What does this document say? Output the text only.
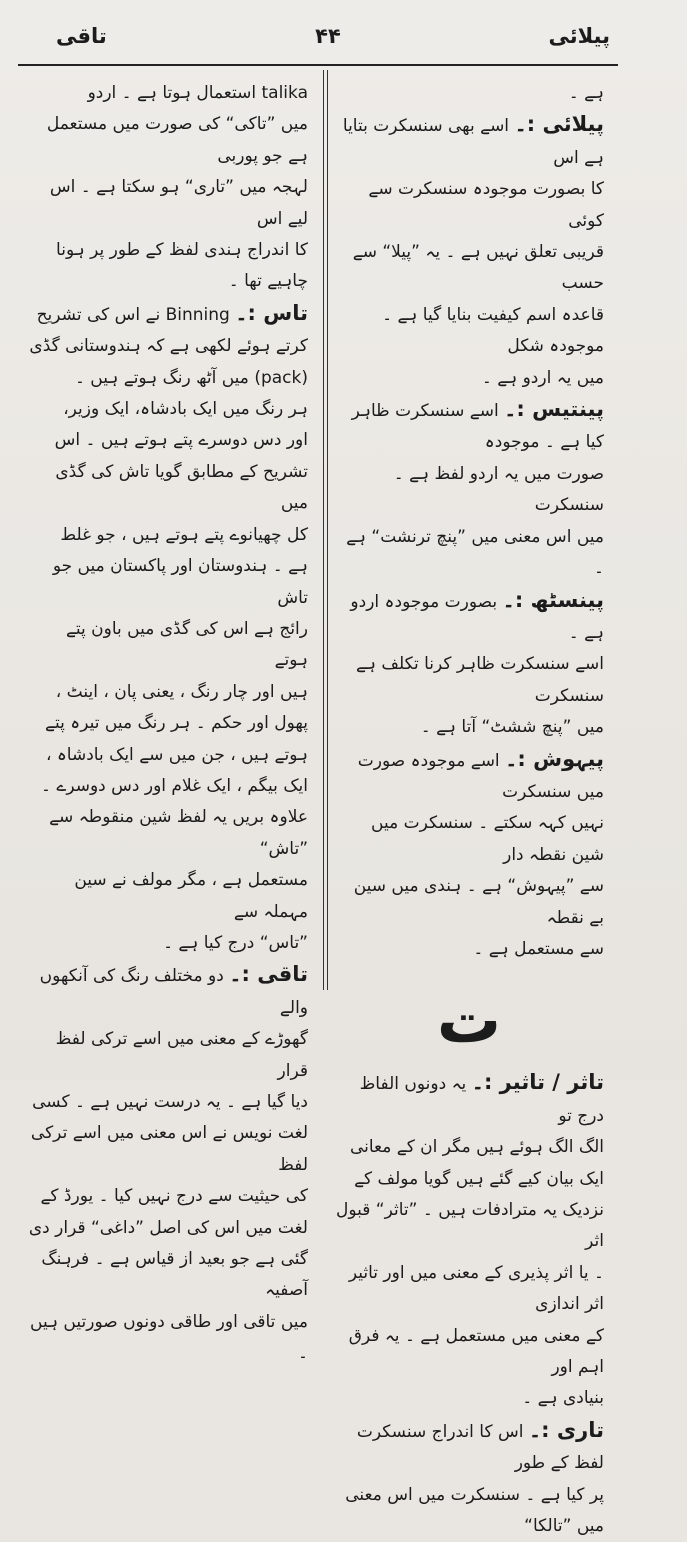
تاقی	۴۴	پیلائی

talika استعمال ہوتا ہے ۔ اردو

میں ”تاکی“ کی صورت میں مستعمل ہے جو پوربی

لہجہ میں ”تاری“ ہو سکتا ہے ۔ اس لیے اس

کا اندراج ہندی لفظ کے طور پر ہونا

چاہیے تھا ۔

تاس :۔ Binning نے اس کی تشریح

کرتے ہوئے لکھی ہے کہ ہندوستانی گڈی

(pack) میں آٹھ رنگ ہوتے ہیں ۔

ہر رنگ میں ایک بادشاہ، ایک وزیر،

اور دس دوسرے پتے ہوتے ہیں ۔ اس

تشریح کے مطابق گویا تاش کی گڈی میں

کل چھیانوے پتے ہوتے ہیں ، جو غلط

ہے ۔ ہندوستان اور پاکستان میں جو تاش

رائج ہے اس کی گڈی میں باون پتے ہوتے

ہیں اور چار رنگ ، یعنی پان ، اینٹ ،

پھول اور حکم ۔ ہر رنگ میں تیرہ پتے

ہوتے ہیں ، جن میں سے ایک بادشاہ ،

ایک بیگم ، ایک غلام اور دس دوسرے ۔

علاوہ بریں یہ لفظ شین منقوطہ سے ”تاش“

مستعمل ہے ، مگر مولف نے سین مہملہ سے

”تاس“ درج کیا ہے ۔

تاقی :۔ دو مختلف رنگ کی آنکھوں والے

گھوڑے کے معنی میں اسے ترکی لفظ قرار

دیا گیا ہے ۔ یہ درست نہیں ہے ۔ کسی

لغت نویس نے اس معنی میں اسے ترکی لفظ

کی حیثیت سے درج نہیں کیا ۔ یورڈ کے

لغت میں اس کی اصل ”داغی“ قرار دی

گئی ہے جو بعید از قیاس ہے ۔ فرہنگ آصفیہ

میں تاقی اور طاقی دونوں صورتیں ہیں ۔

ہے ۔

پیلائی :۔ اسے بھی سنسکرت بتایا ہے اس

کا بصورت موجودہ سنسکرت سے کوئی

قریبی تعلق نہیں ہے ۔ یہ ”پیلا“ سے حسب

قاعدہ اسم کیفیت بنایا گیا ہے ۔ موجودہ شکل

میں یہ اردو ہے ۔

پینتیس :۔ اسے سنسکرت ظاہر کیا ہے ۔ موجودہ

صورت میں یہ اردو لفظ ہے ۔ سنسکرت

میں اس معنی میں ”پنچ ترنشت“ ہے ۔

پینسٹھ :۔ بصورت موجودہ اردو ہے ۔

اسے سنسکرت ظاہر کرنا تکلف ہے سنسکرت

میں ”پنچ ششٹ“ آتا ہے ۔

پیہوش :۔ اسے موجودہ صورت میں سنسکرت

نہیں کہہ سکتے ۔ سنسکرت میں شین نقطہ دار

سے ”پیہوش“ ہے ۔ ہندی میں سین بے نقطہ

سے مستعمل ہے ۔

ت

تاثر / تاثیر :۔ یہ دونوں الفاظ درج تو

الگ الگ ہوئے ہیں مگر ان کے معانی

ایک بیان کیے گئے ہیں گویا مولف کے

نزدیک یہ مترادفات ہیں ۔ ”تاثر“ قبول اثر

۔ یا اثر پذیری کے معنی میں اور تاثیر اثر اندازی

کے معنی میں مستعمل ہے ۔ یہ فرق اہم اور

بنیادی ہے ۔

تاری :۔ اس کا اندراج سنسکرت لفظ کے طور

پر کیا ہے ۔ سنسکرت میں اس معنی میں ”تالکا“
